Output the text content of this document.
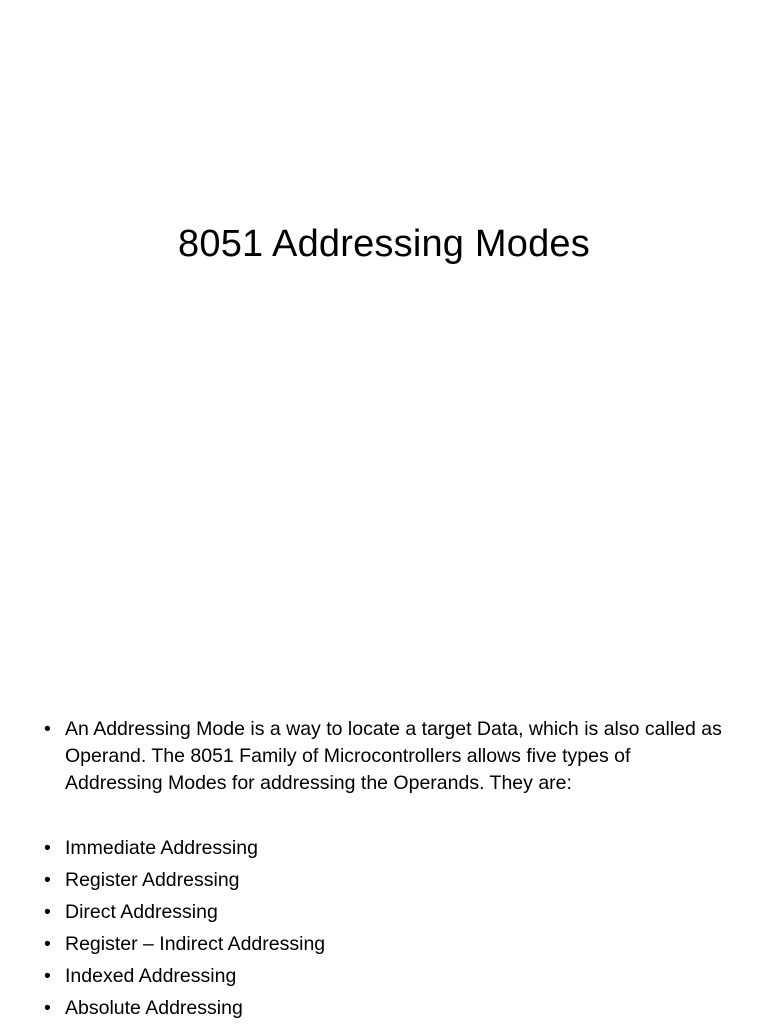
8051 Addressing Modes
• An Addressing Mode is a way to locate a target Data, which is also called as Operand. The 8051 Family of Microcontrollers allows five types of Addressing Modes for addressing the Operands. They are:
• Immediate Addressing
• Register Addressing
• Direct Addressing
• Register – Indirect Addressing
• Indexed Addressing
• Absolute Addressing
